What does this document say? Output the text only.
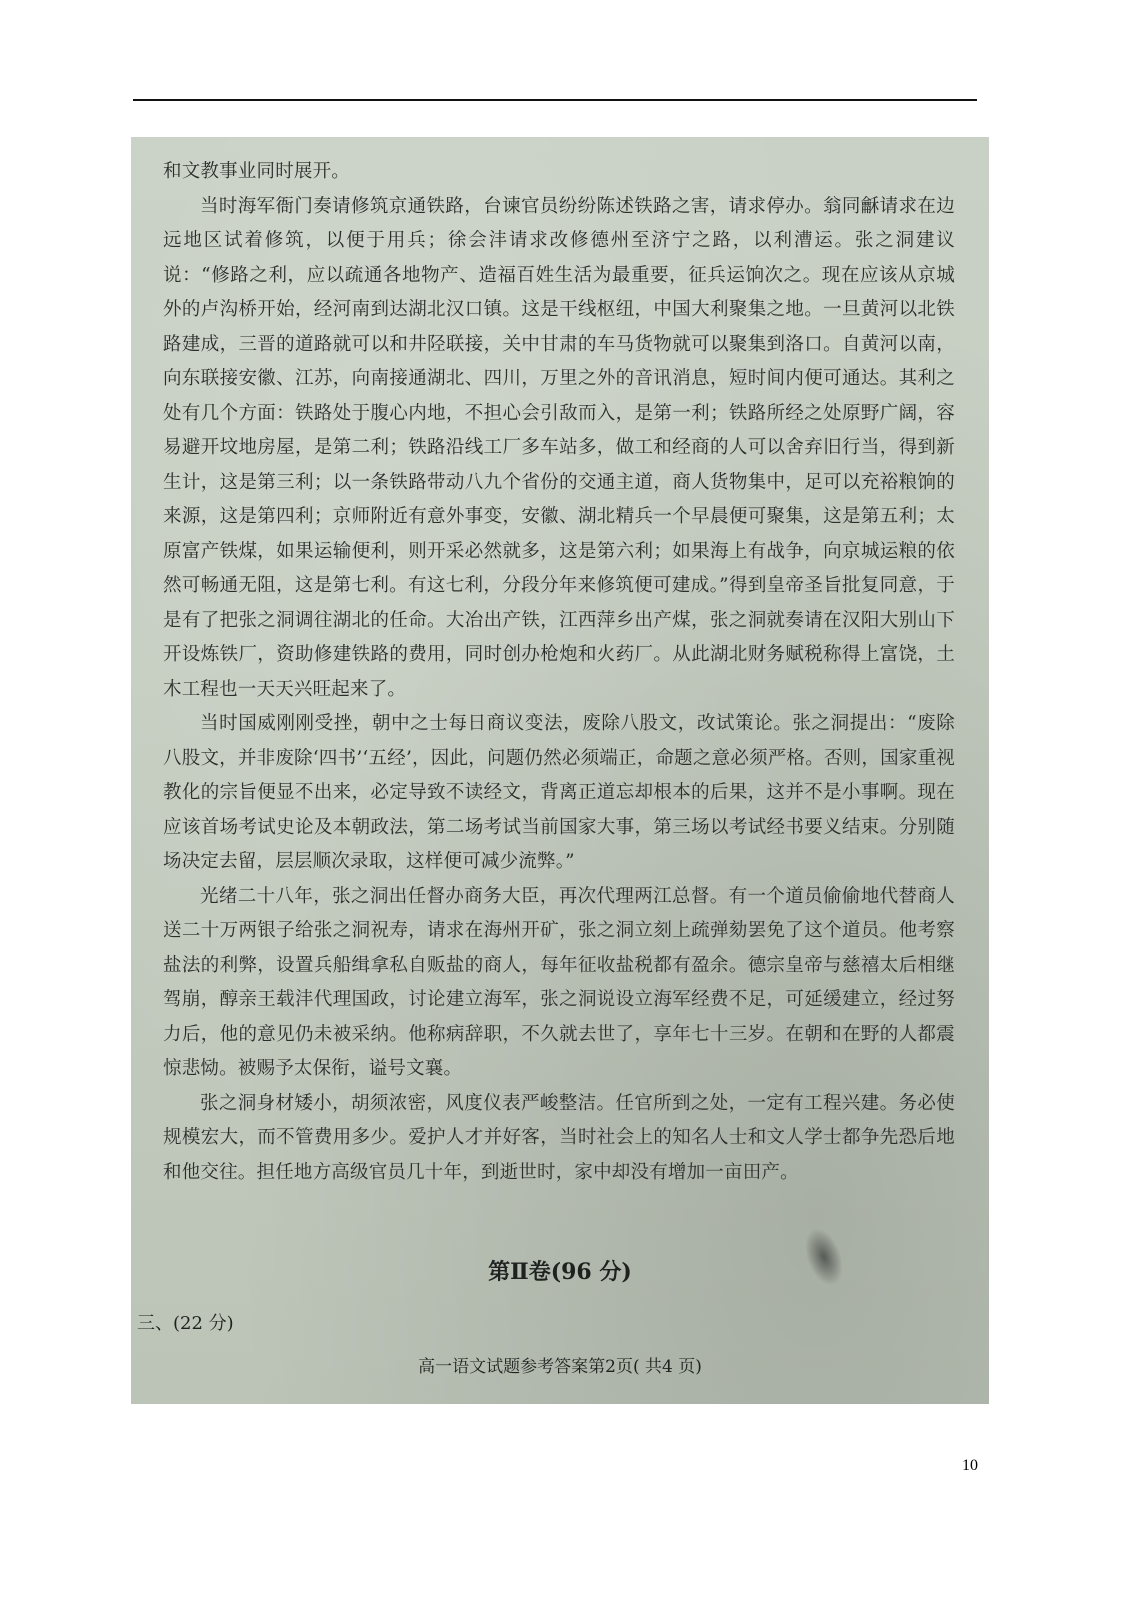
和文教事业同时展开。

当时海军衙门奏请修筑京通铁路，台谏官员纷纷陈述铁路之害，请求停办。翁同龢请求在边远地区试着修筑，以便于用兵；徐会沣请求改修德州至济宁之路，以利漕运。张之洞建议说：“修路之利，应以疏通各地物产、造福百姓生活为最重要，征兵运饷次之。现在应该从京城外的卢沟桥开始，经河南到达湖北汉口镇。这是干线枢纽，中国大利聚集之地。一旦黄河以北铁路建成，三晋的道路就可以和井陉联接，关中甘肃的车马货物就可以聚集到洛口。自黄河以南，向东联接安徽、江苏，向南接通湖北、四川，万里之外的音讯消息，短时间内便可通达。其利之处有几个方面：铁路处于腹心内地，不担心会引敌而入，是第一利；铁路所经之处原野广阔，容易避开坟地房屋，是第二利；铁路沿线工厂多车站多，做工和经商的人可以舍弃旧行当，得到新生计，这是第三利；以一条铁路带动八九个省份的交通主道，商人货物集中，足可以充裕粮饷的来源，这是第四利；京师附近有意外事变，安徽、湖北精兵一个早晨便可聚集，这是第五利；太原富产铁煤，如果运输便利，则开采必然就多，这是第六利；如果海上有战争，向京城运粮的依然可畅通无阻，这是第七利。有这七利，分段分年来修筑便可建成。”得到皇帝圣旨批复同意，于是有了把张之洞调往湖北的任命。大冶出产铁，江西萍乡出产煤，张之洞就奏请在汉阳大别山下开设炼铁厂，资助修建铁路的费用，同时创办枪炮和火药厂。从此湖北财务赋税称得上富饶，土木工程也一天天兴旺起来了。

当时国威刚刚受挫，朝中之士每日商议变法，废除八股文，改试策论。张之洞提出：“废除八股文，并非废除‘四书’‘五经’，因此，问题仍然必须端正，命题之意必须严格。否则，国家重视教化的宗旨便显不出来，必定导致不读经文，背离正道忘却根本的后果，这并不是小事啊。现在应该首场考试史论及本朝政法，第二场考试当前国家大事，第三场以考试经书要义结束。分别随场决定去留，层层顺次录取，这样便可减少流弊。”

光绪二十八年，张之洞出任督办商务大臣，再次代理两江总督。有一个道员偷偷地代替商人送二十万两银子给张之洞祝寿，请求在海州开矿，张之洞立刻上疏弹劾罢免了这个道员。他考察盐法的利弊，设置兵船缉拿私自贩盐的商人，每年征收盐税都有盈余。德宗皇帝与慈禧太后相继驾崩，醇亲王载沣代理国政，讨论建立海军，张之洞说设立海军经费不足，可延缓建立，经过努力后，他的意见仍未被采纳。他称病辞职，不久就去世了，享年七十三岁。在朝和在野的人都震惊悲恸。被赐予太保衔，谥号文襄。

张之洞身材矮小，胡须浓密，风度仪表严峻整洁。任官所到之处，一定有工程兴建。务必使规模宏大，而不管费用多少。爱护人才并好客，当时社会上的知名人士和文人学士都争先恐后地和他交往。担任地方高级官员几十年，到逝世时，家中却没有增加一亩田产。

第Ⅱ卷(96 分)
三、(22 分)
高一语文试题参考答案第2页( 共4 页)
10
